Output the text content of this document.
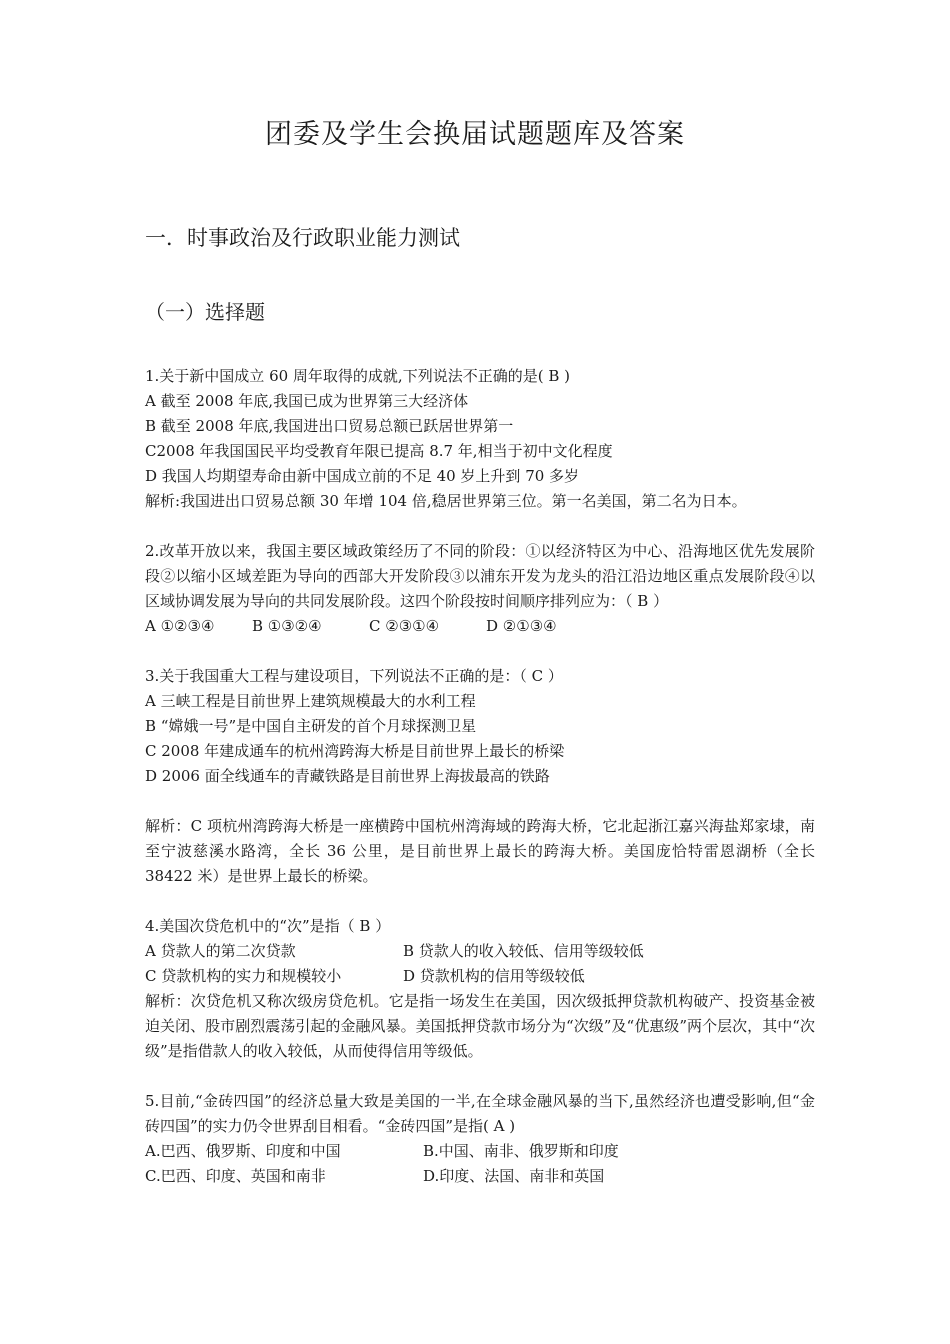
团委及学生会换届试题题库及答案
一．时事政治及行政职业能力测试
（一）选择题
1.关于新中国成立 60 周年取得的成就,下列说法不正确的是( B )
A 截至 2008 年底,我国已成为世界第三大经济体
B 截至 2008 年底,我国进出口贸易总额已跃居世界第一
C2008 年我国国民平均受教育年限已提高 8.7 年,相当于初中文化程度
D 我国人均期望寿命由新中国成立前的不足 40 岁上升到 70 多岁
解析:我国进出口贸易总额 30 年增 104 倍,稳居世界第三位。第一名美国，第二名为日本。
2.改革开放以来，我国主要区域政策经历了不同的阶段：①以经济特区为中心、沿海地区优先发展阶段②以缩小区域差距为导向的西部大开发阶段③以浦东开发为龙头的沿江沿边地区重点发展阶段④以区域协调发展为导向的共同发展阶段。这四个阶段按时间顺序排列应为：（ B ）
A ①②③④	B ①③②④	C ②③①④	D ②①③④
3.关于我国重大工程与建设项目，下列说法不正确的是：（ C ）
A 三峡工程是目前世界上建筑规模最大的水利工程
B “嫦娥一号”是中国自主研发的首个月球探测卫星
C 2008 年建成通车的杭州湾跨海大桥是目前世界上最长的桥梁
D 2006 面全线通车的青藏铁路是目前世界上海拔最高的铁路
解析：C 项杭州湾跨海大桥是一座横跨中国杭州湾海域的跨海大桥，它北起浙江嘉兴海盐郑家埭，南至宁波慈溪水路湾，全长 36 公里，是目前世界上最长的跨海大桥。美国庞恰特雷恩湖桥（全长 38422 米）是世界上最长的桥梁。
4.美国次贷危机中的“次”是指（ B ）
A 贷款人的第二次贷款	B 贷款人的收入较低、信用等级较低
C 贷款机构的实力和规模较小	D 贷款机构的信用等级较低
解析：次贷危机又称次级房贷危机。它是指一场发生在美国，因次级抵押贷款机构破产、投资基金被迫关闭、股市剧烈震荡引起的金融风暴。美国抵押贷款市场分为“次级”及“优惠级”两个层次，其中“次级”是指借款人的收入较低，从而使得信用等级低。
5.目前,“金砖四国”的经济总量大致是美国的一半,在全球金融风暴的当下,虽然经济也遭受影响,但“金砖四国”的实力仍令世界刮目相看。“金砖四国”是指( A )
A.巴西、俄罗斯、印度和中国	B.中国、南非、俄罗斯和印度
C.巴西、印度、英国和南非	D.印度、法国、南非和英国
